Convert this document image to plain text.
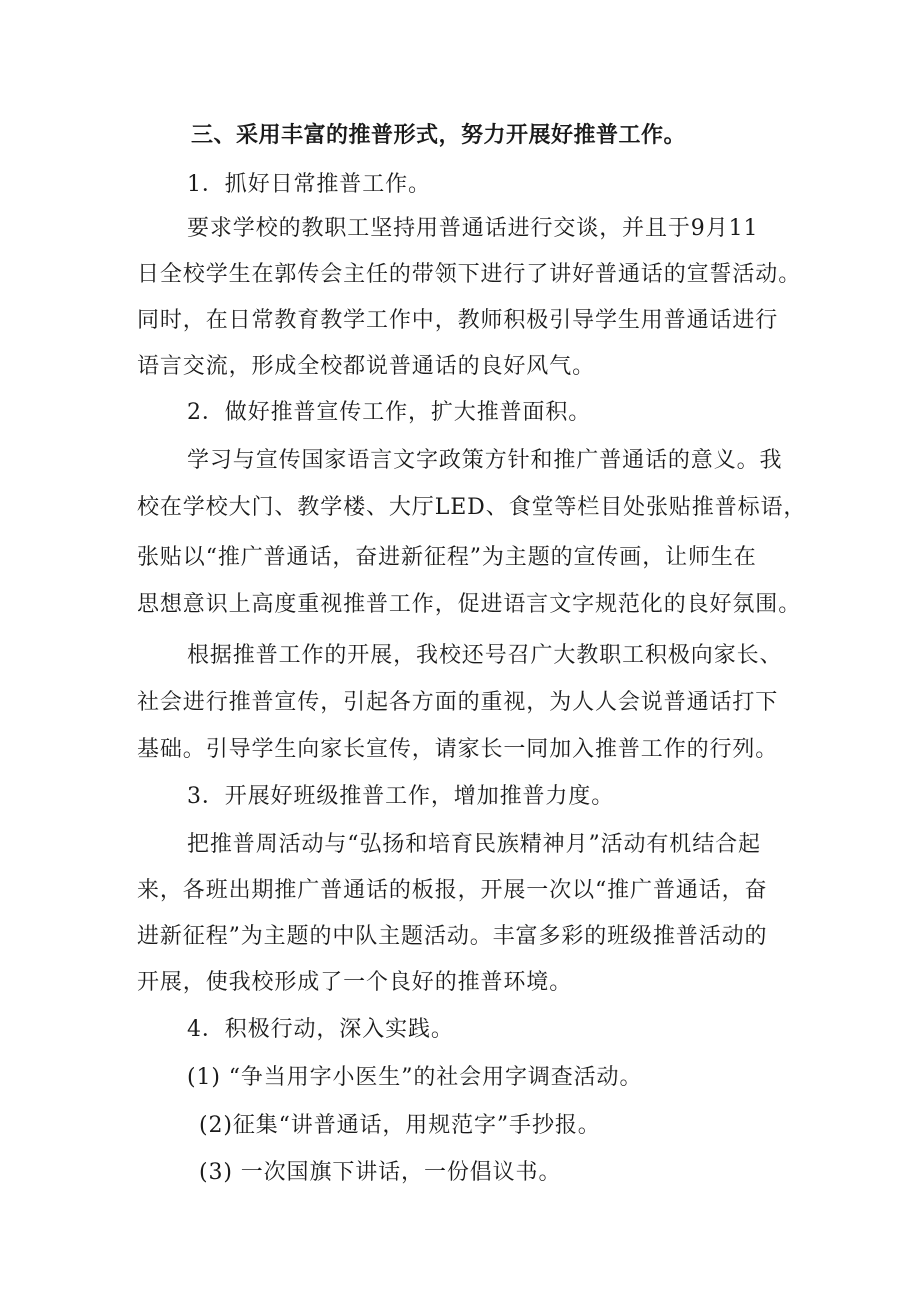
三、采用丰富的推普形式，努力开展好推普工作。
1．抓好日常推普工作。
要求学校的教职工坚持用普通话进行交谈，并且于9月11
日全校学生在郭传会主任的带领下进行了讲好普通话的宣誓活动。
同时，在日常教育教学工作中，教师积极引导学生用普通话进行
语言交流，形成全校都说普通话的良好风气。
2．做好推普宣传工作，扩大推普面积。
学习与宣传国家语言文字政策方针和推广普通话的意义。我
校在学校大门、教学楼、大厅LED、食堂等栏目处张贴推普标语，
张贴以“推广普通话，奋进新征程”为主题的宣传画，让师生在
思想意识上高度重视推普工作，促进语言文字规范化的良好氛围。
根据推普工作的开展，我校还号召广大教职工积极向家长、
社会进行推普宣传，引起各方面的重视，为人人会说普通话打下
基础。引导学生向家长宣传，请家长一同加入推普工作的行列。
3．开展好班级推普工作，增加推普力度。
把推普周活动与“弘扬和培育民族精神月”活动有机结合起
来，各班出期推广普通话的板报，开展一次以“推广普通话，奋
进新征程”为主题的中队主题活动。丰富多彩的班级推普活动的
开展，使我校形成了一个良好的推普环境。
4．积极行动，深入实践。
(1) “争当用字小医生”的社会用字调查活动。
(2)征集“讲普通话，用规范字”手抄报。
(3) 一次国旗下讲话，一份倡议书。
